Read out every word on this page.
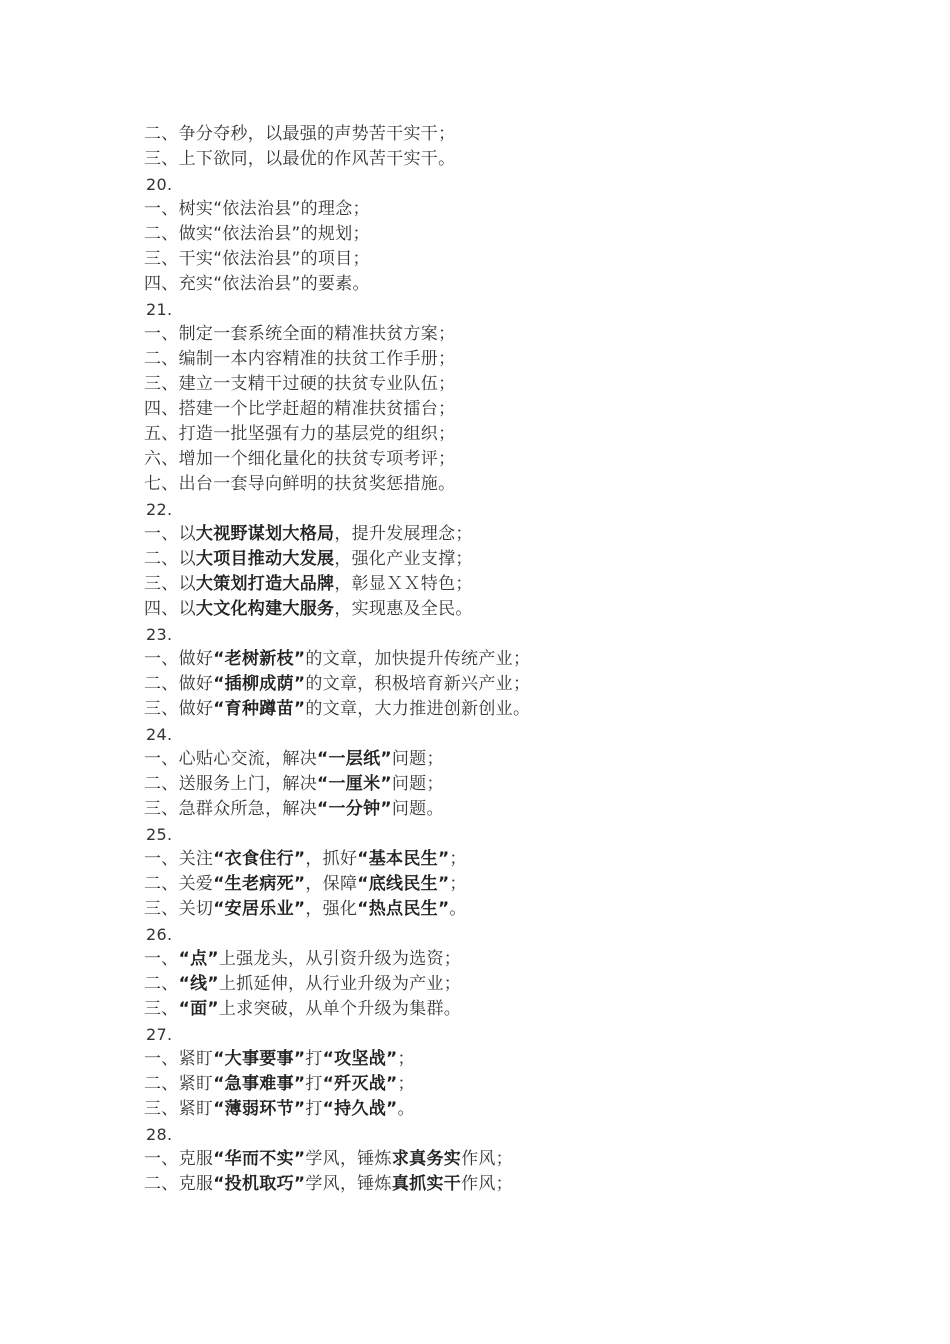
二、争分夺秒，以最强的声势苦干实干；
三、上下欲同，以最优的作风苦干实干。
20.
一、树实“依法治县”的理念；
二、做实“依法治县”的规划；
三、干实“依法治县”的项目；
四、充实“依法治县”的要素。
21.
一、制定一套系统全面的精准扶贫方案；
二、编制一本内容精准的扶贫工作手册；
三、建立一支精干过硬的扶贫专业队伍；
四、搭建一个比学赶超的精准扶贫擂台；
五、打造一批坚强有力的基层党的组织；
六、增加一个细化量化的扶贫专项考评；
七、出台一套导向鲜明的扶贫奖惩措施。
22.
一、以大视野谋划大格局，提升发展理念；
二、以大项目推动大发展，强化产业支撑；
三、以大策划打造大品牌，彰显ＸＸ特色；
四、以大文化构建大服务，实现惠及全民。
23.
一、做好“老树新枝”的文章，加快提升传统产业；
二、做好“插柳成荫”的文章，积极培育新兴产业；
三、做好“育种蹲苗”的文章，大力推进创新创业。
24.
一、心贴心交流，解决“一层纸”问题；
二、送服务上门，解决“一厘米”问题；
三、急群众所急，解决“一分钟”问题。
25.
一、关注“衣食住行”，抓好“基本民生”；
二、关爱“生老病死”，保障“底线民生”；
三、关切“安居乐业”，强化“热点民生”。
26.
一、“点”上强龙头，从引资升级为选资；
二、“线”上抓延伸，从行业升级为产业；
三、“面”上求突破，从单个升级为集群。
27.
一、紧盯“大事要事”打“攻坚战”；
二、紧盯“急事难事”打“歼灭战”；
三、紧盯“薄弱环节”打“持久战”。
28.
一、克服“华而不实”学风，锤炼求真务实作风；
二、克服“投机取巧”学风，锤炼真抓实干作风；
